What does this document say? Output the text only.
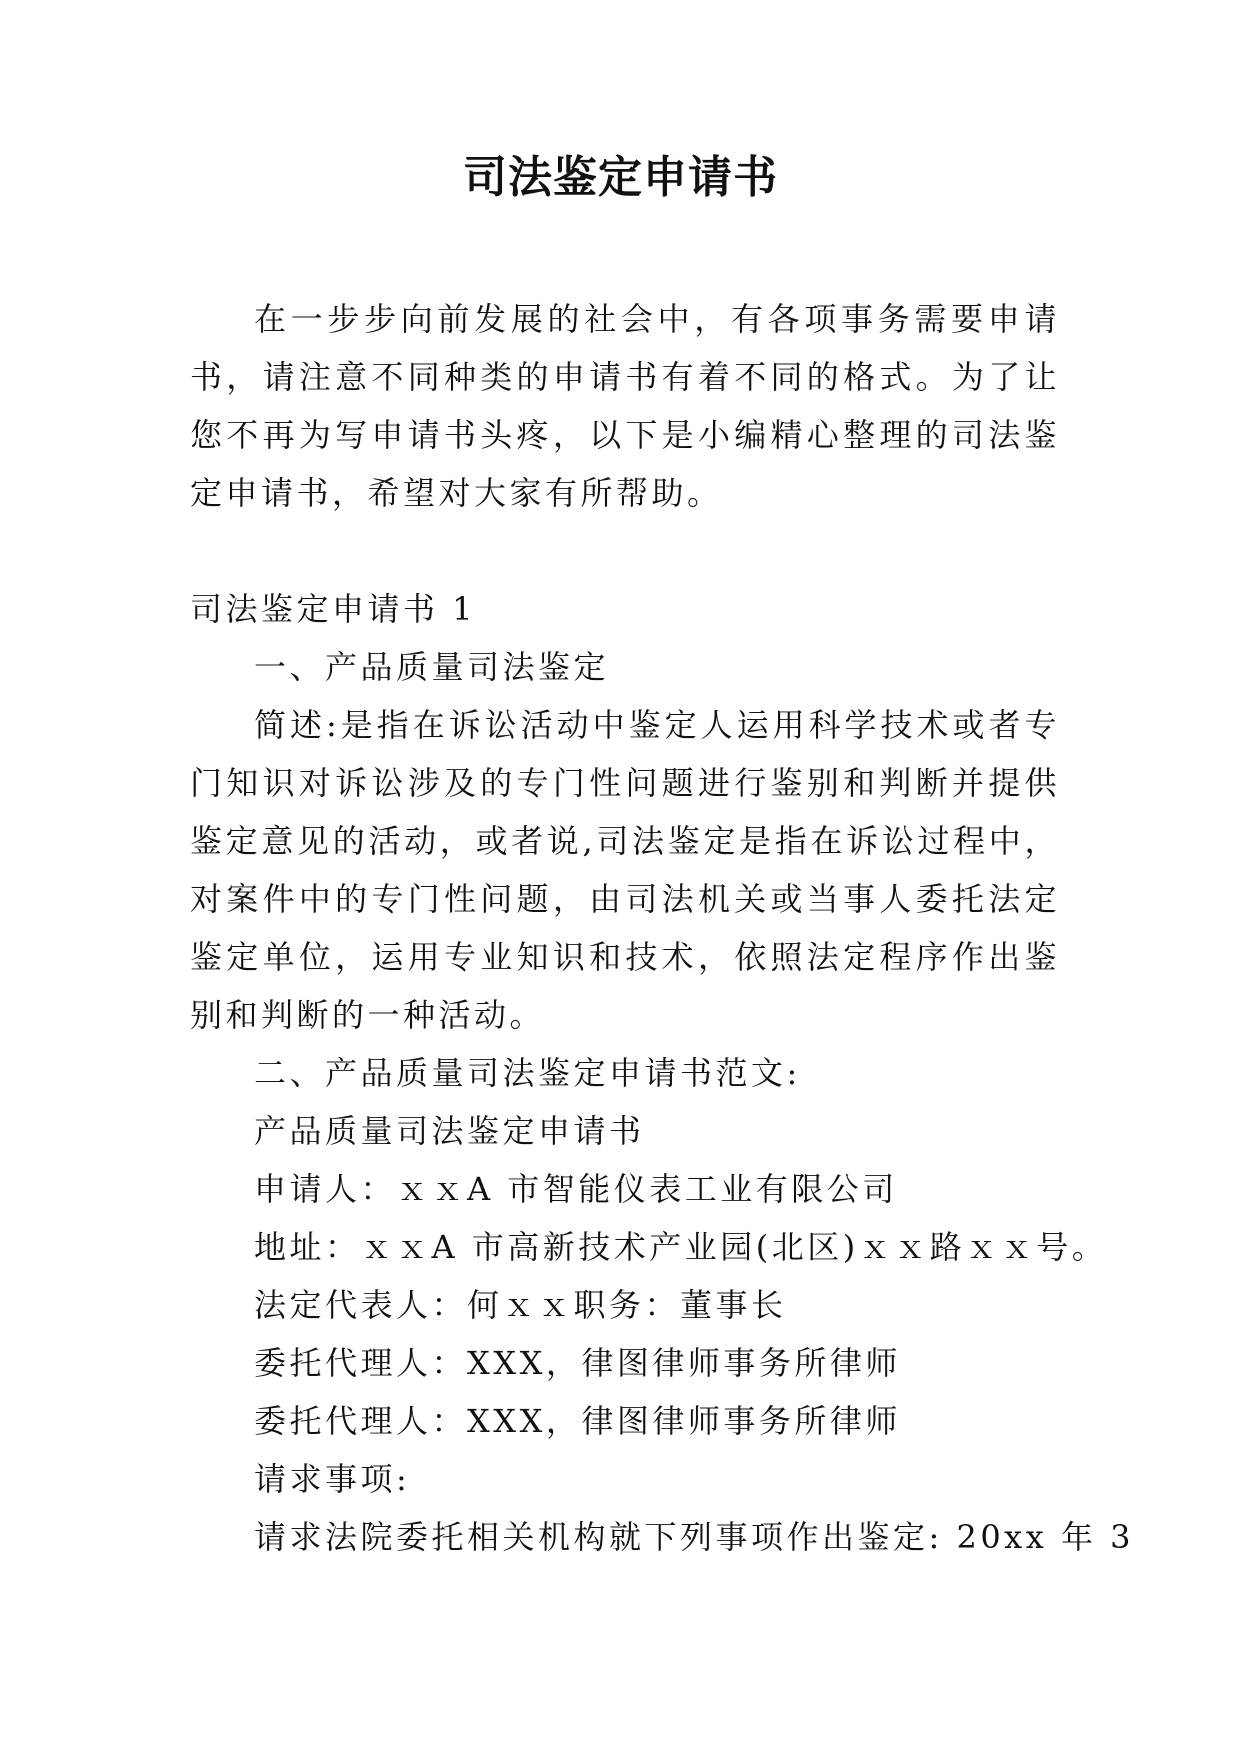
司法鉴定申请书

在一步步向前发展的社会中，有各项事务需要申请书，请注意不同种类的申请书有着不同的格式。为了让您不再为写申请书头疼，以下是小编精心整理的司法鉴定申请书，希望对大家有所帮助。

司法鉴定申请书 1

一、产品质量司法鉴定

简述:是指在诉讼活动中鉴定人运用科学技术或者专门知识对诉讼涉及的专门性问题进行鉴别和判断并提供鉴定意见的活动，或者说,司法鉴定是指在诉讼过程中，对案件中的专门性问题，由司法机关或当事人委托法定鉴定单位，运用专业知识和技术，依照法定程序作出鉴别和判断的一种活动。

二、产品质量司法鉴定申请书范文:

产品质量司法鉴定申请书

申请人：ｘｘA 市智能仪表工业有限公司

地址：ｘｘA 市高新技术产业园(北区)ｘｘ路ｘｘ号。

法定代表人：何ｘｘ职务：董事长

委托代理人：XXX，律图律师事务所律师

委托代理人：XXX，律图律师事务所律师

请求事项:

请求法院委托相关机构就下列事项作出鉴定: 20xx 年 3
